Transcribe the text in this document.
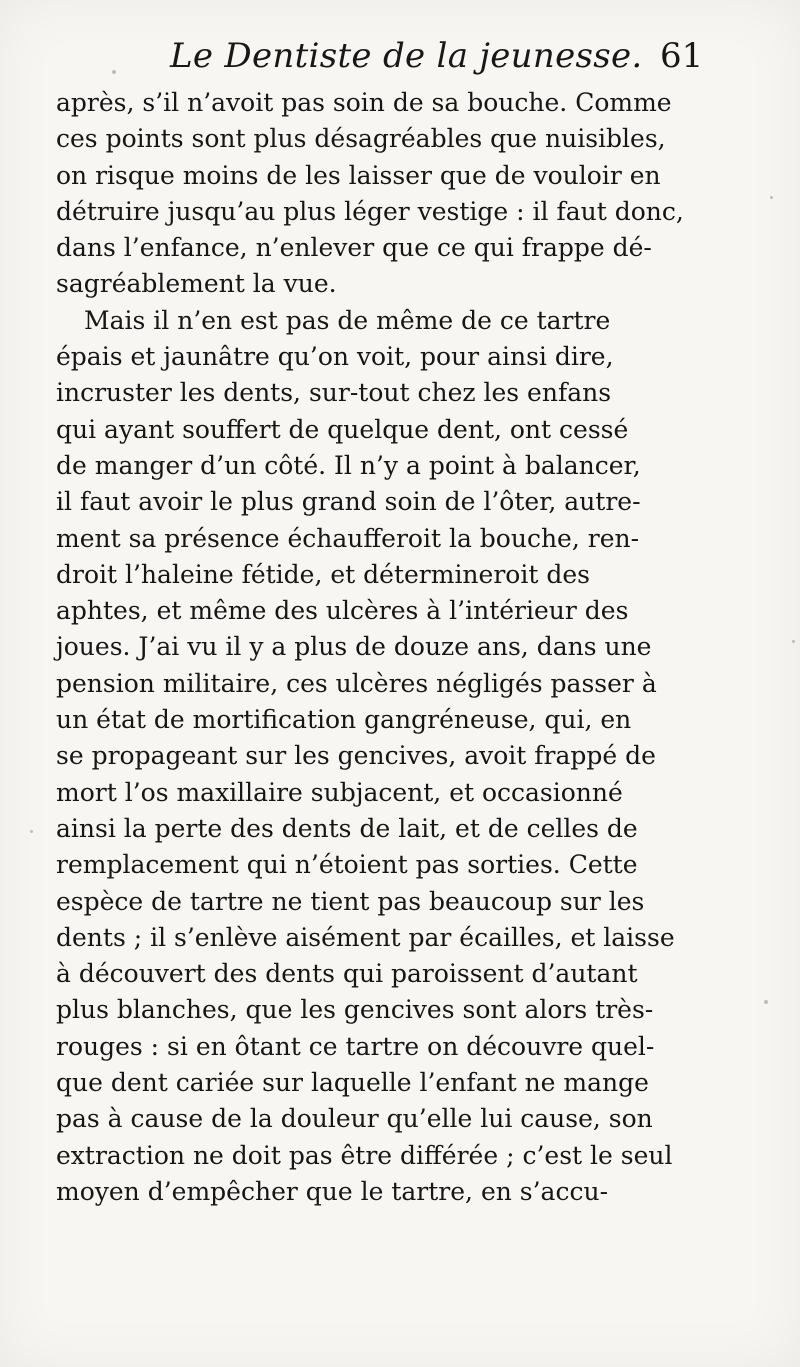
Le Dentiste de la jeunesse. 61
après, s’il n’avoit pas soin de sa bouche. Comme
ces points sont plus désagréables que nuisibles,
on risque moins de les laisser que de vouloir en
détruire jusqu’au plus léger vestige : il faut donc,
dans l’enfance, n’enlever que ce qui frappe dé-
sagréablement la vue.
Mais il n’en est pas de même de ce tartre
épais et jaunâtre qu’on voit, pour ainsi dire,
incruster les dents, sur-tout chez les enfans
qui ayant souffert de quelque dent, ont cessé
de manger d’un côté. Il n’y a point à balancer,
il faut avoir le plus grand soin de l’ôter, autre-
ment sa présence échaufferoit la bouche, ren-
droit l’haleine fétide, et détermineroit des
aphtes, et même des ulcères à l’intérieur des
joues. J’ai vu il y a plus de douze ans, dans une
pension militaire, ces ulcères négligés passer à
un état de mortification gangréneuse, qui, en
se propageant sur les gencives, avoit frappé de
mort l’os maxillaire subjacent, et occasionné
ainsi la perte des dents de lait, et de celles de
remplacement qui n’étoient pas sorties. Cette
espèce de tartre ne tient pas beaucoup sur les
dents ; il s’enlève aisément par écailles, et laisse
à découvert des dents qui paroissent d’autant
plus blanches, que les gencives sont alors très-
rouges : si en ôtant ce tartre on découvre quel-
que dent cariée sur laquelle l’enfant ne mange
pas à cause de la douleur qu’elle lui cause, son
extraction ne doit pas être différée ; c’est le seul
moyen d’empêcher que le tartre, en s’accu-
